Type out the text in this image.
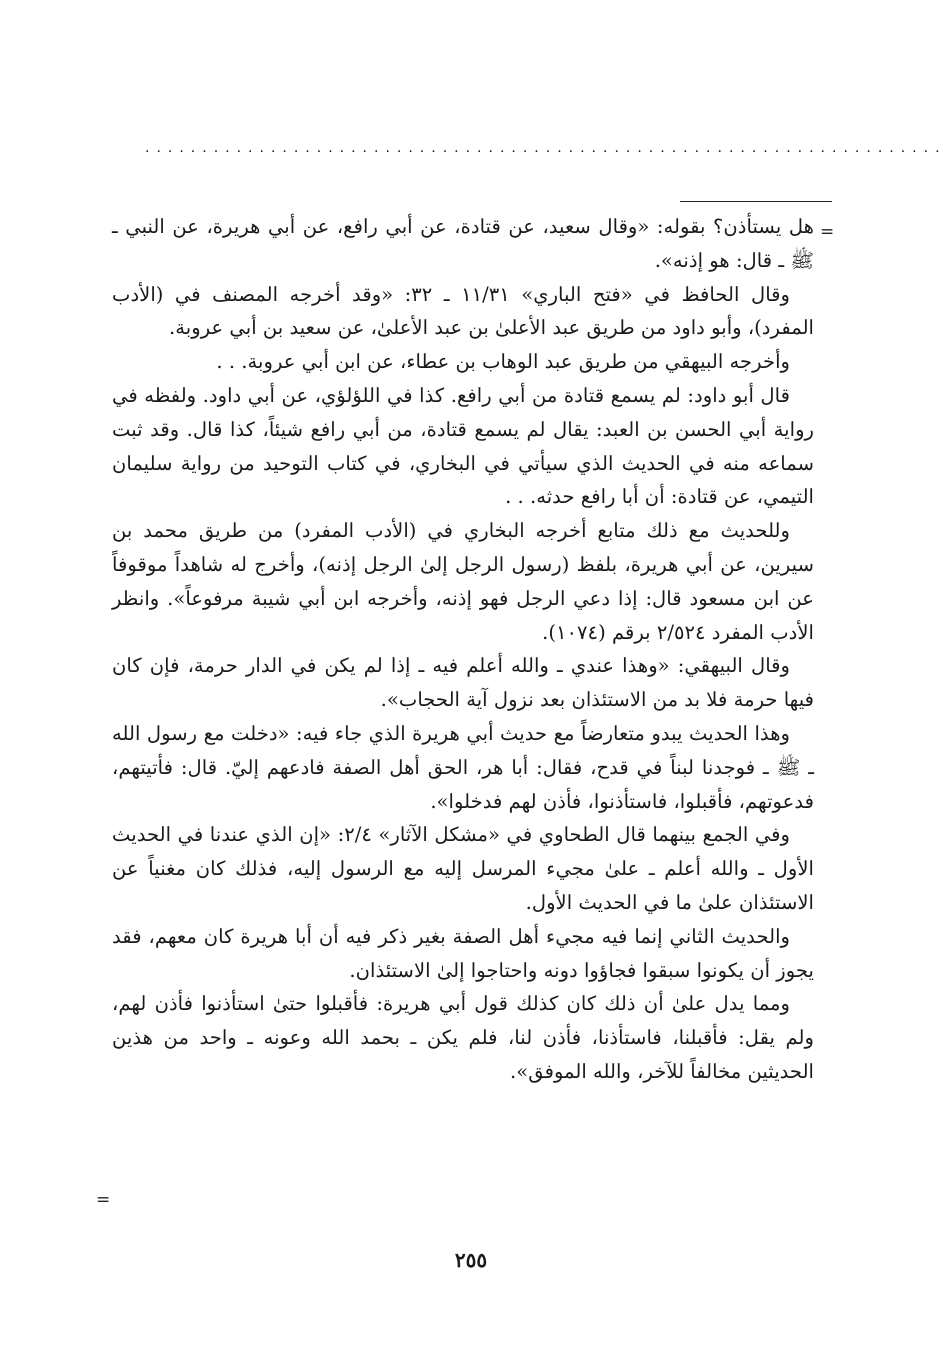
......................................................................
=

هل يستأذن؟ بقوله: «وقال سعيد، عن قتادة، عن أبي رافع، عن أبي هريرة، عن النبي ـ ﷺ ـ قال: هو إذنه».

وقال الحافظ في «فتح الباري» ١١/٣١ ـ ٣٢: «وقد أخرجه المصنف في (الأدب المفرد)، وأبو داود من طريق عبد الأعلىٰ بن عبد الأعلىٰ، عن سعيد بن أبي عروبة.

وأخرجه البيهقي من طريق عبد الوهاب بن عطاء، عن ابن أبي عروبة. . .

قال أبو داود: لم يسمع قتادة من أبي رافع. كذا في اللؤلؤي، عن أبي داود. ولفظه في رواية أبي الحسن بن العبد: يقال لم يسمع قتادة، من أبي رافع شيئاً، كذا قال. وقد ثبت سماعه منه في الحديث الذي سيأتي في البخاري، في كتاب التوحيد من رواية سليمان التيمي، عن قتادة: أن أبا رافع حدثه. . .

وللحديث مع ذلك متابع أخرجه البخاري في (الأدب المفرد) من طريق محمد بن سيرين، عن أبي هريرة، بلفظ (رسول الرجل إلىٰ الرجل إذنه)، وأخرج له شاهداً موقوفاً عن ابن مسعود قال: إذا دعي الرجل فهو إذنه، وأخرجه ابن أبي شيبة مرفوعاً». وانظر الأدب المفرد ٢/٥٢٤ برقم (١٠٧٤).

وقال البيهقي: «وهذا عندي ـ والله أعلم فيه ـ إذا لم يكن في الدار حرمة، فإن كان فيها حرمة فلا بد من الاستئذان بعد نزول آية الحجاب».

وهذا الحديث يبدو متعارضاً مع حديث أبي هريرة الذي جاء فيه: «دخلت مع رسول الله ـ ﷺ ـ فوجدنا لبناً في قدح، فقال: أبا هر، الحق أهل الصفة فادعهم إليّ. قال: فأتيتهم، فدعوتهم، فأقبلوا، فاستأذنوا، فأذن لهم فدخلوا».

وفي الجمع بينهما قال الطحاوي في «مشكل الآثار» ٢/٤: «إن الذي عندنا في الحديث الأول ـ والله أعلم ـ علىٰ مجيء المرسل إليه مع الرسول إليه، فذلك كان مغنياً عن الاستئذان علىٰ ما في الحديث الأول.

والحديث الثاني إنما فيه مجيء أهل الصفة بغير ذكر فيه أن أبا هريرة كان معهم، فقد يجوز أن يكونوا سبقوا فجاؤوا دونه واحتاجوا إلىٰ الاستئذان.

ومما يدل علىٰ أن ذلك كان كذلك قول أبي هريرة: فأقبلوا حتىٰ استأذنوا فأذن لهم، ولم يقل: فأقبلنا، فاستأذنا، فأذن لنا، فلم يكن ـ بحمد الله وعونه ـ واحد من هذين الحديثين مخالفاً للآخر، والله الموفق».

=
٢٥٥
